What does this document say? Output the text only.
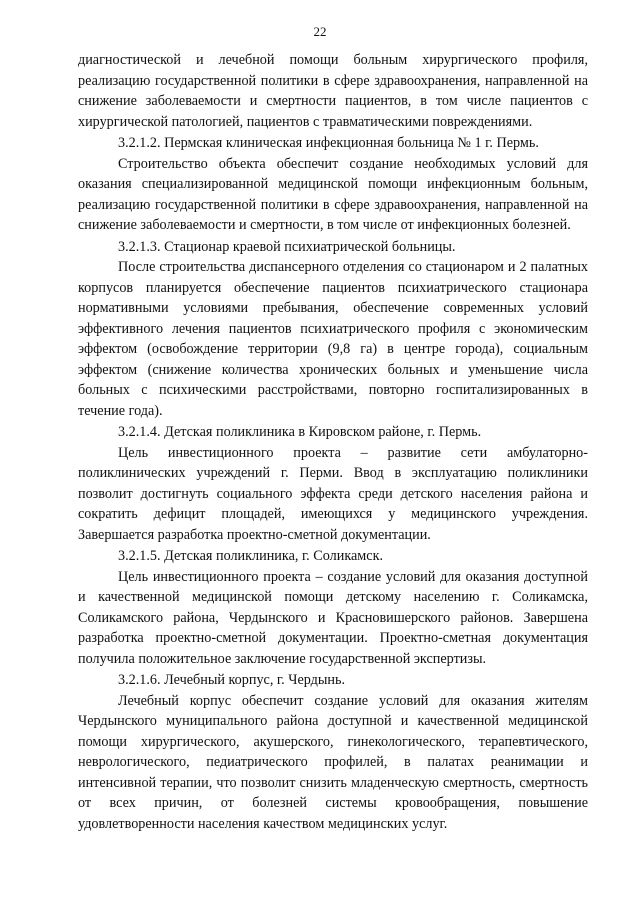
22

диагностической и лечебной помощи больным хирургического профиля, реализацию государственной политики в сфере здравоохранения, направленной на снижение заболеваемости и смертности пациентов, в том числе пациентов с хирургической патологией, пациентов с травматическими повреждениями.

3.2.1.2. Пермская клиническая инфекционная больница № 1 г. Пермь.

Строительство объекта обеспечит создание необходимых условий для оказания специализированной медицинской помощи инфекционным больным, реализацию государственной политики в сфере здравоохранения, направленной на снижение заболеваемости и смертности, в том числе от инфекционных болезней.

3.2.1.3. Стационар краевой психиатрической больницы.

После строительства диспансерного отделения со стационаром и 2 палатных корпусов планируется обеспечение пациентов психиатрического стационара нормативными условиями пребывания, обеспечение современных условий эффективного лечения пациентов психиатрического профиля с экономическим эффектом (освобождение территории (9,8 га) в центре города), социальным эффектом (снижение количества хронических больных и уменьшение числа больных с психическими расстройствами, повторно госпитализированных в течение года).

3.2.1.4. Детская поликлиника в Кировском районе, г. Пермь.

Цель инвестиционного проекта – развитие сети амбулаторно-поликлинических учреждений г. Перми. Ввод в эксплуатацию поликлиники позволит достигнуть социального эффекта среди детского населения района и сократить дефицит площадей, имеющихся у медицинского учреждения. Завершается разработка проектно-сметной документации.

3.2.1.5. Детская поликлиника, г. Соликамск.

Цель инвестиционного проекта – создание условий для оказания доступной и качественной медицинской помощи детскому населению г. Соликамска, Соликамского района, Чердынского и Красновишерского районов. Завершена разработка проектно-сметной документации. Проектно-сметная документация получила положительное заключение государственной экспертизы.

3.2.1.6. Лечебный корпус, г. Чердынь.

Лечебный корпус обеспечит создание условий для оказания жителям Чердынского муниципального района доступной и качественной медицинской помощи хирургического, акушерского, гинекологического, терапевтического, неврологического, педиатрического профилей, в палатах реанимации и интенсивной терапии, что позволит снизить младенческую смертность, смертность от всех причин, от болезней системы кровообращения, повышение удовлетворенности населения качеством медицинских услуг.
